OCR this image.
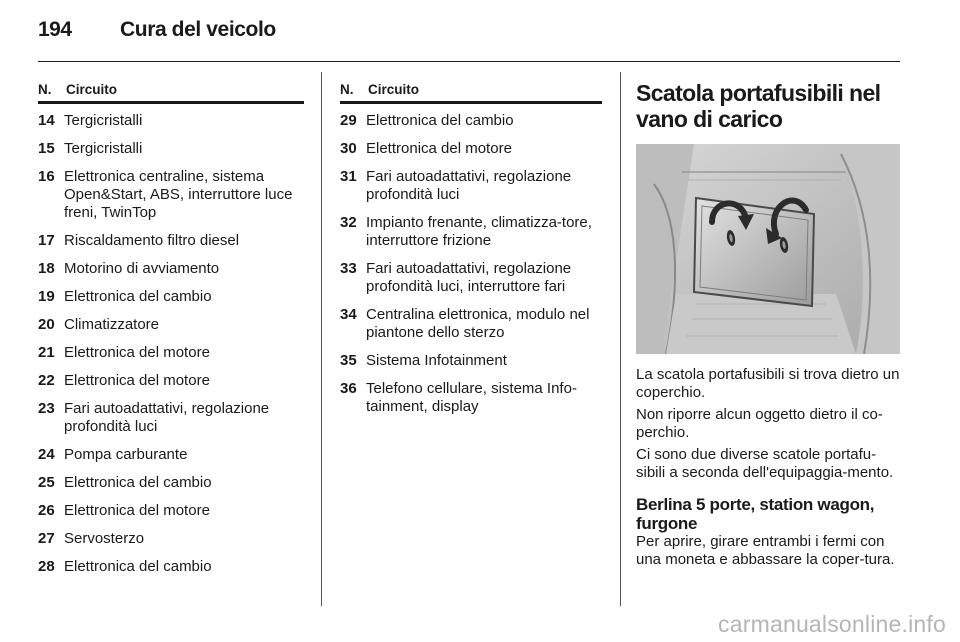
194 Cura del veicolo
N. Circuito
14 Tergicristalli
15 Tergicristalli
16 Elettronica centraline, sistema Open&Start, ABS, interruttore luce freni, TwinTop
17 Riscaldamento filtro diesel
18 Motorino di avviamento
19 Elettronica del cambio
20 Climatizzatore
21 Elettronica del motore
22 Elettronica del motore
23 Fari autoadattativi, regolazione profondità luci
24 Pompa carburante
25 Elettronica del cambio
26 Elettronica del motore
27 Servosterzo
28 Elettronica del cambio
N. Circuito
29 Elettronica del cambio
30 Elettronica del motore
31 Fari autoadattativi, regolazione profondità luci
32 Impianto frenante, climatizza-tore, interruttore frizione
33 Fari autoadattativi, regolazione profondità luci, interruttore fari
34 Centralina elettronica, modulo nel piantone dello sterzo
35 Sistema Infotainment
36 Telefono cellulare, sistema Info-tainment, display
Scatola portafusibili nel vano di carico

La scatola portafusibili si trova dietro un coperchio.

Non riporre alcun oggetto dietro il co-perchio.

Ci sono due diverse scatole portafu-sibili a seconda dell'equipaggia-mento.

Berlina 5 porte, station wagon, furgone

Per aprire, girare entrambi i fermi con una moneta e abbassare la coper-tura.

carmanualsonline.info
